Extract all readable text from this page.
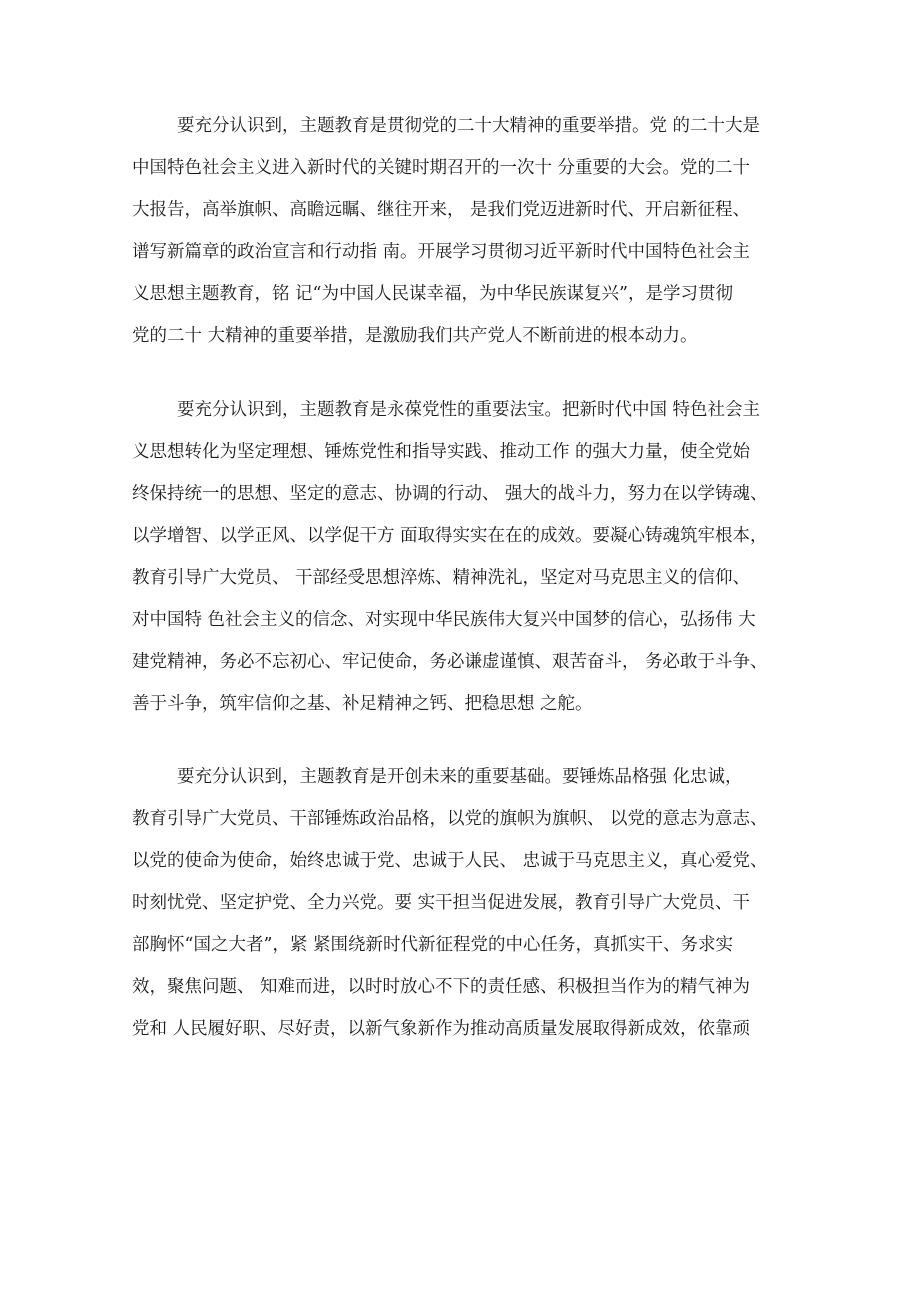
要充分认识到，主题教育是贯彻党的二十大精神的重要举措。党 的二十大是
中国特色社会主义进入新时代的关键时期召开的一次十 分重要的大会。党的二十
大报告，高举旗帜、高瞻远瞩、继往开来， 是我们党迈进新时代、开启新征程、
谱写新篇章的政治宣言和行动指 南。开展学习贯彻习近平新时代中国特色社会主
义思想主题教育，铭 记“为中国人民谋幸福，为中华民族谋复兴”，是学习贯彻
党的二十 大精神的重要举措，是激励我们共产党人不断前进的根本动力。
要充分认识到，主题教育是永葆党性的重要法宝。把新时代中国 特色社会主
义思想转化为坚定理想、锤炼党性和指导实践、推动工作 的强大力量，使全党始
终保持统一的思想、坚定的意志、协调的行动、 强大的战斗力，努力在以学铸魂、
以学增智、以学正风、以学促干方 面取得实实在在的成效。要凝心铸魂筑牢根本，
教育引导广大党员、 干部经受思想淬炼、精神洗礼，坚定对马克思主义的信仰、
对中国特 色社会主义的信念、对实现中华民族伟大复兴中国梦的信心，弘扬伟 大
建党精神，务必不忘初心、牢记使命，务必谦虚谨慎、艰苦奋斗， 务必敢于斗争、
善于斗争，筑牢信仰之基、补足精神之钙、把稳思想 之舵。
要充分认识到，主题教育是开创未来的重要基础。要锤炼品格强 化忠诚，
教育引导广大党员、干部锤炼政治品格，以党的旗帜为旗帜、 以党的意志为意志、
以党的使命为使命，始终忠诚于党、忠诚于人民、 忠诚于马克思主义，真心爱党、
时刻忧党、坚定护党、全力兴党。要 实干担当促进发展，教育引导广大党员、干
部胸怀“国之大者”，紧 紧围绕新时代新征程党的中心任务，真抓实干、务求实
效，聚焦问题、 知难而进，以时时放心不下的责任感、积极担当作为的精气神为
党和 人民履好职、尽好责，以新气象新作为推动高质量发展取得新成效，依靠顽
